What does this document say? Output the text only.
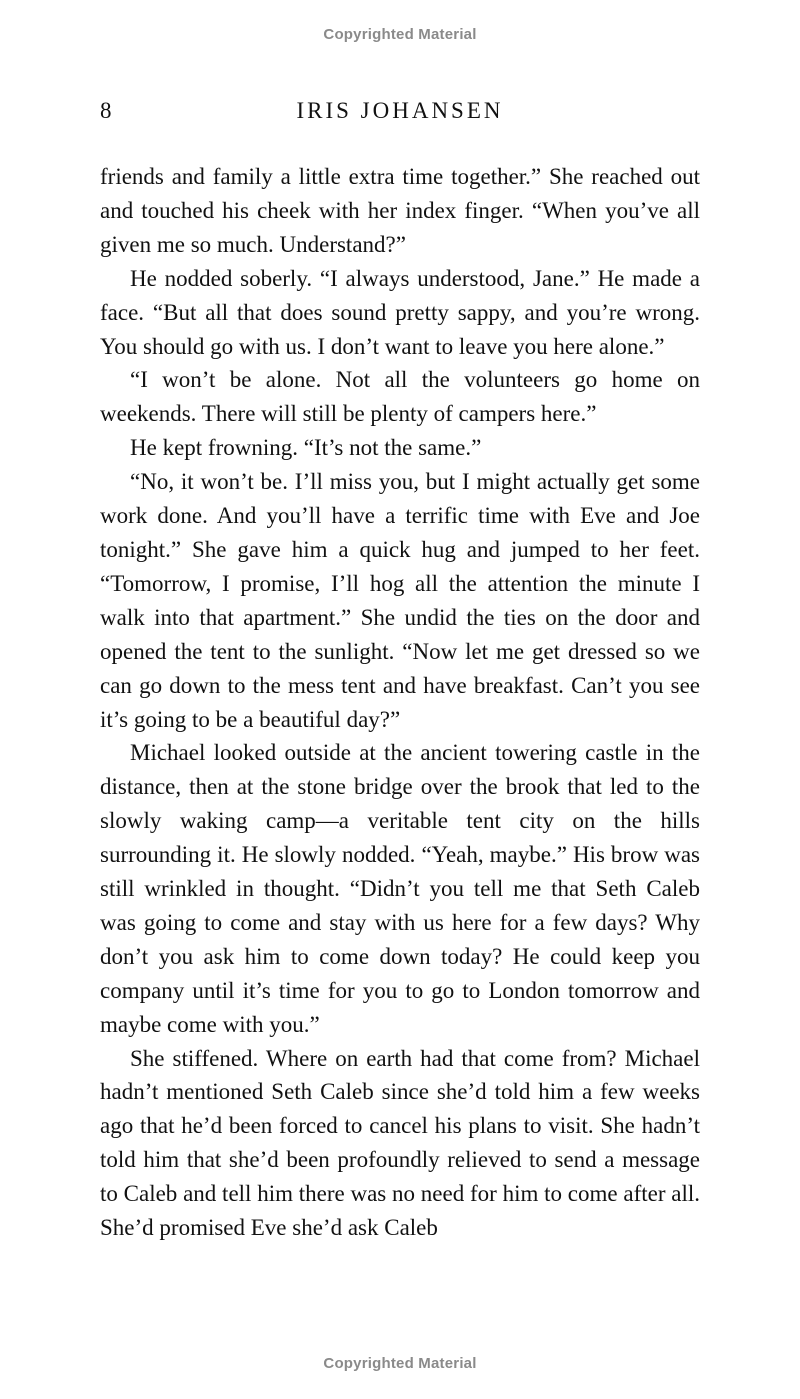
Copyrighted Material
8	IRIS JOHANSEN

friends and family a little extra time together.” She reached out and touched his cheek with her index finger. “When you’ve all given me so much. Understand?”

He nodded soberly. “I always understood, Jane.” He made a face. “But all that does sound pretty sappy, and you’re wrong. You should go with us. I don’t want to leave you here alone.”

“I won’t be alone. Not all the volunteers go home on weekends. There will still be plenty of campers here.”

He kept frowning. “It’s not the same.”

“No, it won’t be. I’ll miss you, but I might actually get some work done. And you’ll have a terrific time with Eve and Joe tonight.” She gave him a quick hug and jumped to her feet. “Tomorrow, I promise, I’ll hog all the attention the minute I walk into that apartment.” She undid the ties on the door and opened the tent to the sunlight. “Now let me get dressed so we can go down to the mess tent and have breakfast. Can’t you see it’s going to be a beautiful day?”

Michael looked outside at the ancient towering castle in the distance, then at the stone bridge over the brook that led to the slowly waking camp—a veritable tent city on the hills surrounding it. He slowly nodded. “Yeah, maybe.” His brow was still wrinkled in thought. “Didn’t you tell me that Seth Caleb was going to come and stay with us here for a few days? Why don’t you ask him to come down today? He could keep you company until it’s time for you to go to London tomorrow and maybe come with you.”

She stiffened. Where on earth had that come from? Michael hadn’t mentioned Seth Caleb since she’d told him a few weeks ago that he’d been forced to cancel his plans to visit. She hadn’t told him that she’d been profoundly relieved to send a message to Caleb and tell him there was no need for him to come after all. She’d promised Eve she’d ask Caleb

Copyrighted Material
